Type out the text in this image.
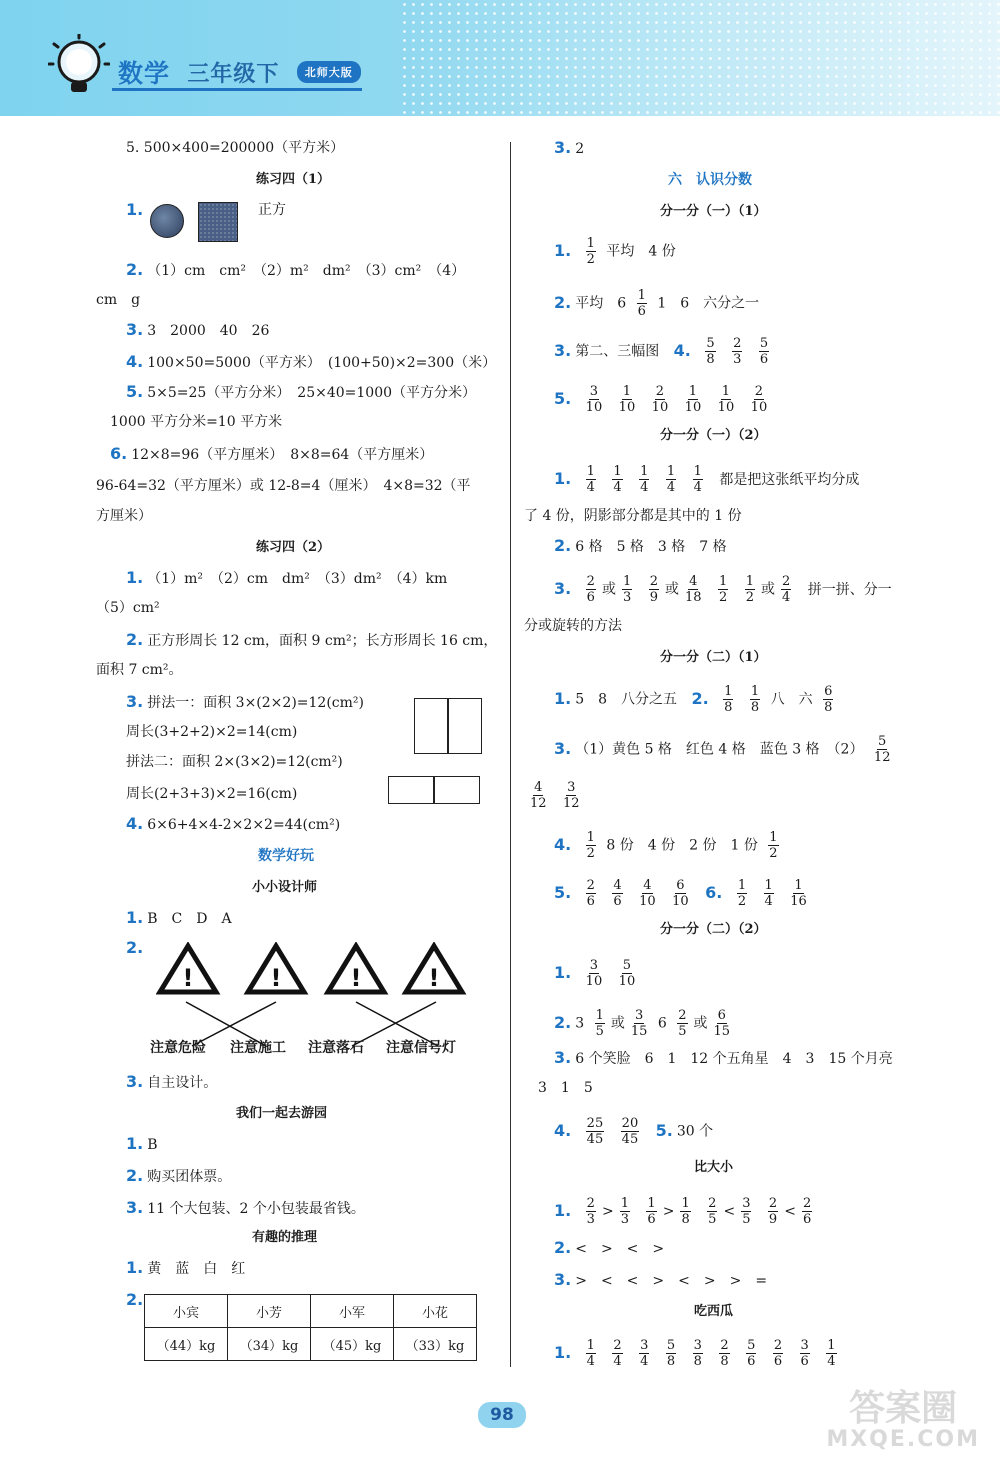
数学 三年级下 北师大版
5. 500×400=200000（平方米）
练习四（1）
1.	正方
2. （1）cm　cm²　（2）m²　dm²　（3）cm²　（4）
cm　g
3. 3　2000　40　26
4. 100×50=5000（平方米）　(100+50)×2=300（米）
5. 5×5=25（平方分米）　25×40=1000（平方分米）
1000 平方分米=10 平方米
6. 12×8=96（平方厘米）　8×8=64（平方厘米）
96-64=32（平方厘米）或 12-8=4（厘米）　4×8=32（平
方厘米）
练习四（2）
1. （1）m²　（2）cm　dm²　（3）dm²　（4）km
（5）cm²
2. 正方形周长 12 cm，面积 9 cm²；长方形周长 16 cm，
面积 7 cm²。
3. 拼法一：面积 3×(2×2)=12(cm²)
周长(3+2+2)×2=14(cm)
拼法二：面积 2×(3×2)=12(cm²)
周长(2+3+3)×2=16(cm)
4. 6×6+4×4-2×2×2=44(cm²)
数学好玩
小小设计师
1. B　C　D　A
2.
!	!	!	!
注意危险 注意施工 注意落石 注意信号灯
3. 自主设计。
我们一起去游园
1. B
2. 购买团体票。
3. 11 个大包装、2 个小包装最省钱。
有趣的推理
1. 黄　蓝　白　红
2.
小宾	小芳	小军	小花
（44）kg	（34）kg	（45）kg	（33）kg
3. 2
六　认识分数
分一分（一）（1）
1. $\frac{1}{2}$ 平均　4 份
2. 平均　$6 \frac{1}{6} 1$　6　六分之一
3. 第二、三幅图 4. $\frac{5}{8}$
$\frac{2}{3}$
$\frac{5}{6}$
5. $\frac{3}{10}$
$\frac{1}{10}$
$\frac{2}{10}$
$\frac{1}{10}$
$\frac{1}{10}$
$\frac{2}{10}$
分一分（一）（2）
1. $\frac{1}{4}$
$\frac{1}{4}$
$\frac{1}{4}$
$\frac{1}{4}$
$\frac{1}{4}$ 都是把这张纸平均分成
了 4 份，阴影部分都是其中的 1 份
2. 6 格　5 格　3 格　7 格
3. $\frac{2}{6}$ 或 $\frac{1}{3}$
$\frac{2}{9}$ 或 $\frac{4}{18}$
$\frac{1}{2}$
$\frac{1}{2}$ 或 $\frac{2}{4}$ 拼一拼、分一
分或旋转的方法
分一分（二）（1）
1. 5　8　八分之五 2. $\frac{1}{8}$
$\frac{1}{8}$ 八　六 $\frac{6}{8}$
3. （1）黄色 5 格　红色 4 格　蓝色 3 格　$(2) \frac{5}{12}$
$\frac{4}{12}$
$\frac{3}{12}$
4. $\frac{1}{2} 8$ 份　4 份　2 份　1 份 $\frac{1}{2}$
5. $\frac{2}{6}$
$\frac{4}{6}$
$\frac{4}{10}$
$\frac{6}{10} 6$. $\frac{1}{2}$
$\frac{1}{4}$
$\frac{1}{16}$
分一分（二）（2）
1. $\frac{3}{10}$
$\frac{5}{10}$
2. $3 \frac{1}{5}$ 或 $\frac{3}{15} 6 \frac{2}{5}$ 或 $\frac{6}{15}$
3. 6 个笑脸　6　1　12 个五角星　4　3　15 个月亮
3　1　5
4. $\frac{25}{45}$
$\frac{20}{45} 5$. 30 个
比大小
1. $\frac{2}{3} > \frac{1}{3}$
$\frac{1}{6} > \frac{1}{8}$
$\frac{2}{5} < \frac{3}{5}$
$\frac{2}{9} < \frac{2}{6}$
2. <　>　<　>
3. >　<　<　>　<　>　>　=
吃西瓜
1. $\frac{1}{4}$
$\frac{2}{4}$
$\frac{3}{4}$
$\frac{5}{8}$
$\frac{3}{8}$
$\frac{2}{8}$
$\frac{5}{6}$
$\frac{2}{6}$
$\frac{3}{6}$
$\frac{1}{4}$
98	答案圈
MXQE.COM
